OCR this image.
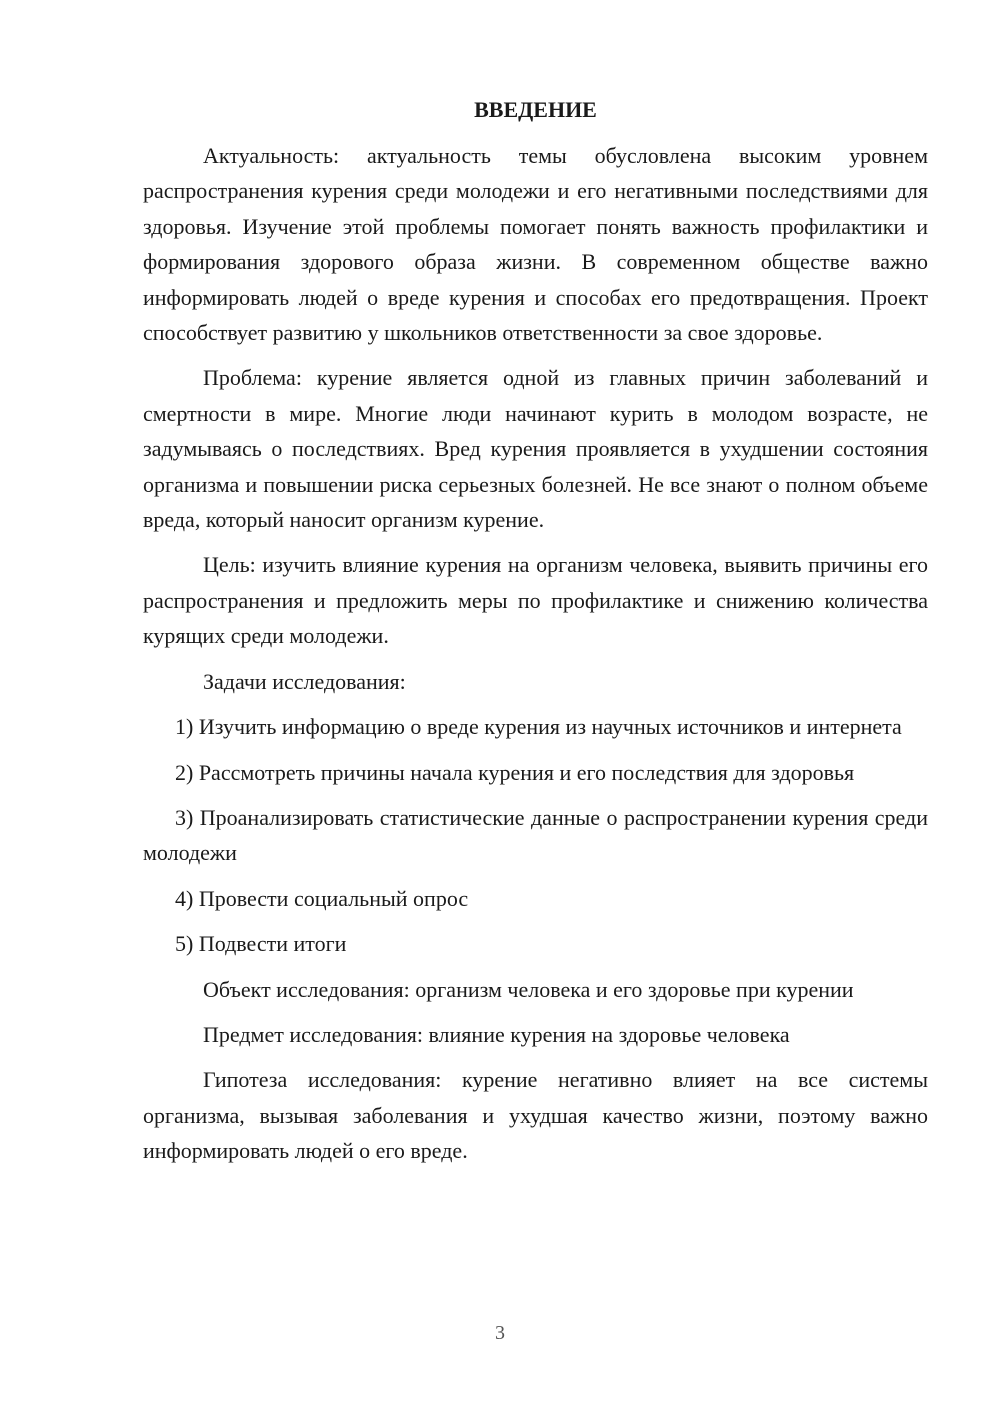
ВВЕДЕНИЕ

Актуальность: актуальность темы обусловлена высоким уровнем распространения курения среди молодежи и его негативными последствиями для здоровья. Изучение этой проблемы помогает понять важность профилактики и формирования здорового образа жизни. В современном обществе важно информировать людей о вреде курения и способах его предотвращения. Проект способствует развитию у школьников ответственности за свое здоровье.

Проблема: курение является одной из главных причин заболеваний и смертности в мире. Многие люди начинают курить в молодом возрасте, не задумываясь о последствиях. Вред курения проявляется в ухудшении состояния организма и повышении риска серьезных болезней. Не все знают о полном объеме вреда, который наносит организм курение.

Цель: изучить влияние курения на организм человека, выявить причины его распространения и предложить меры по профилактике и снижению количества курящих среди молодежи.

Задачи исследования:

1) Изучить информацию о вреде курения из научных источников и интернета

2) Рассмотреть причины начала курения и его последствия для здоровья

3) Проанализировать статистические данные о распространении курения среди молодежи

4) Провести социальный опрос

5) Подвести итоги

Объект исследования: организм человека и его здоровье при курении

Предмет исследования: влияние курения на здоровье человека

Гипотеза исследования: курение негативно влияет на все системы организма, вызывая заболевания и ухудшая качество жизни, поэтому важно информировать людей о его вреде.

3
